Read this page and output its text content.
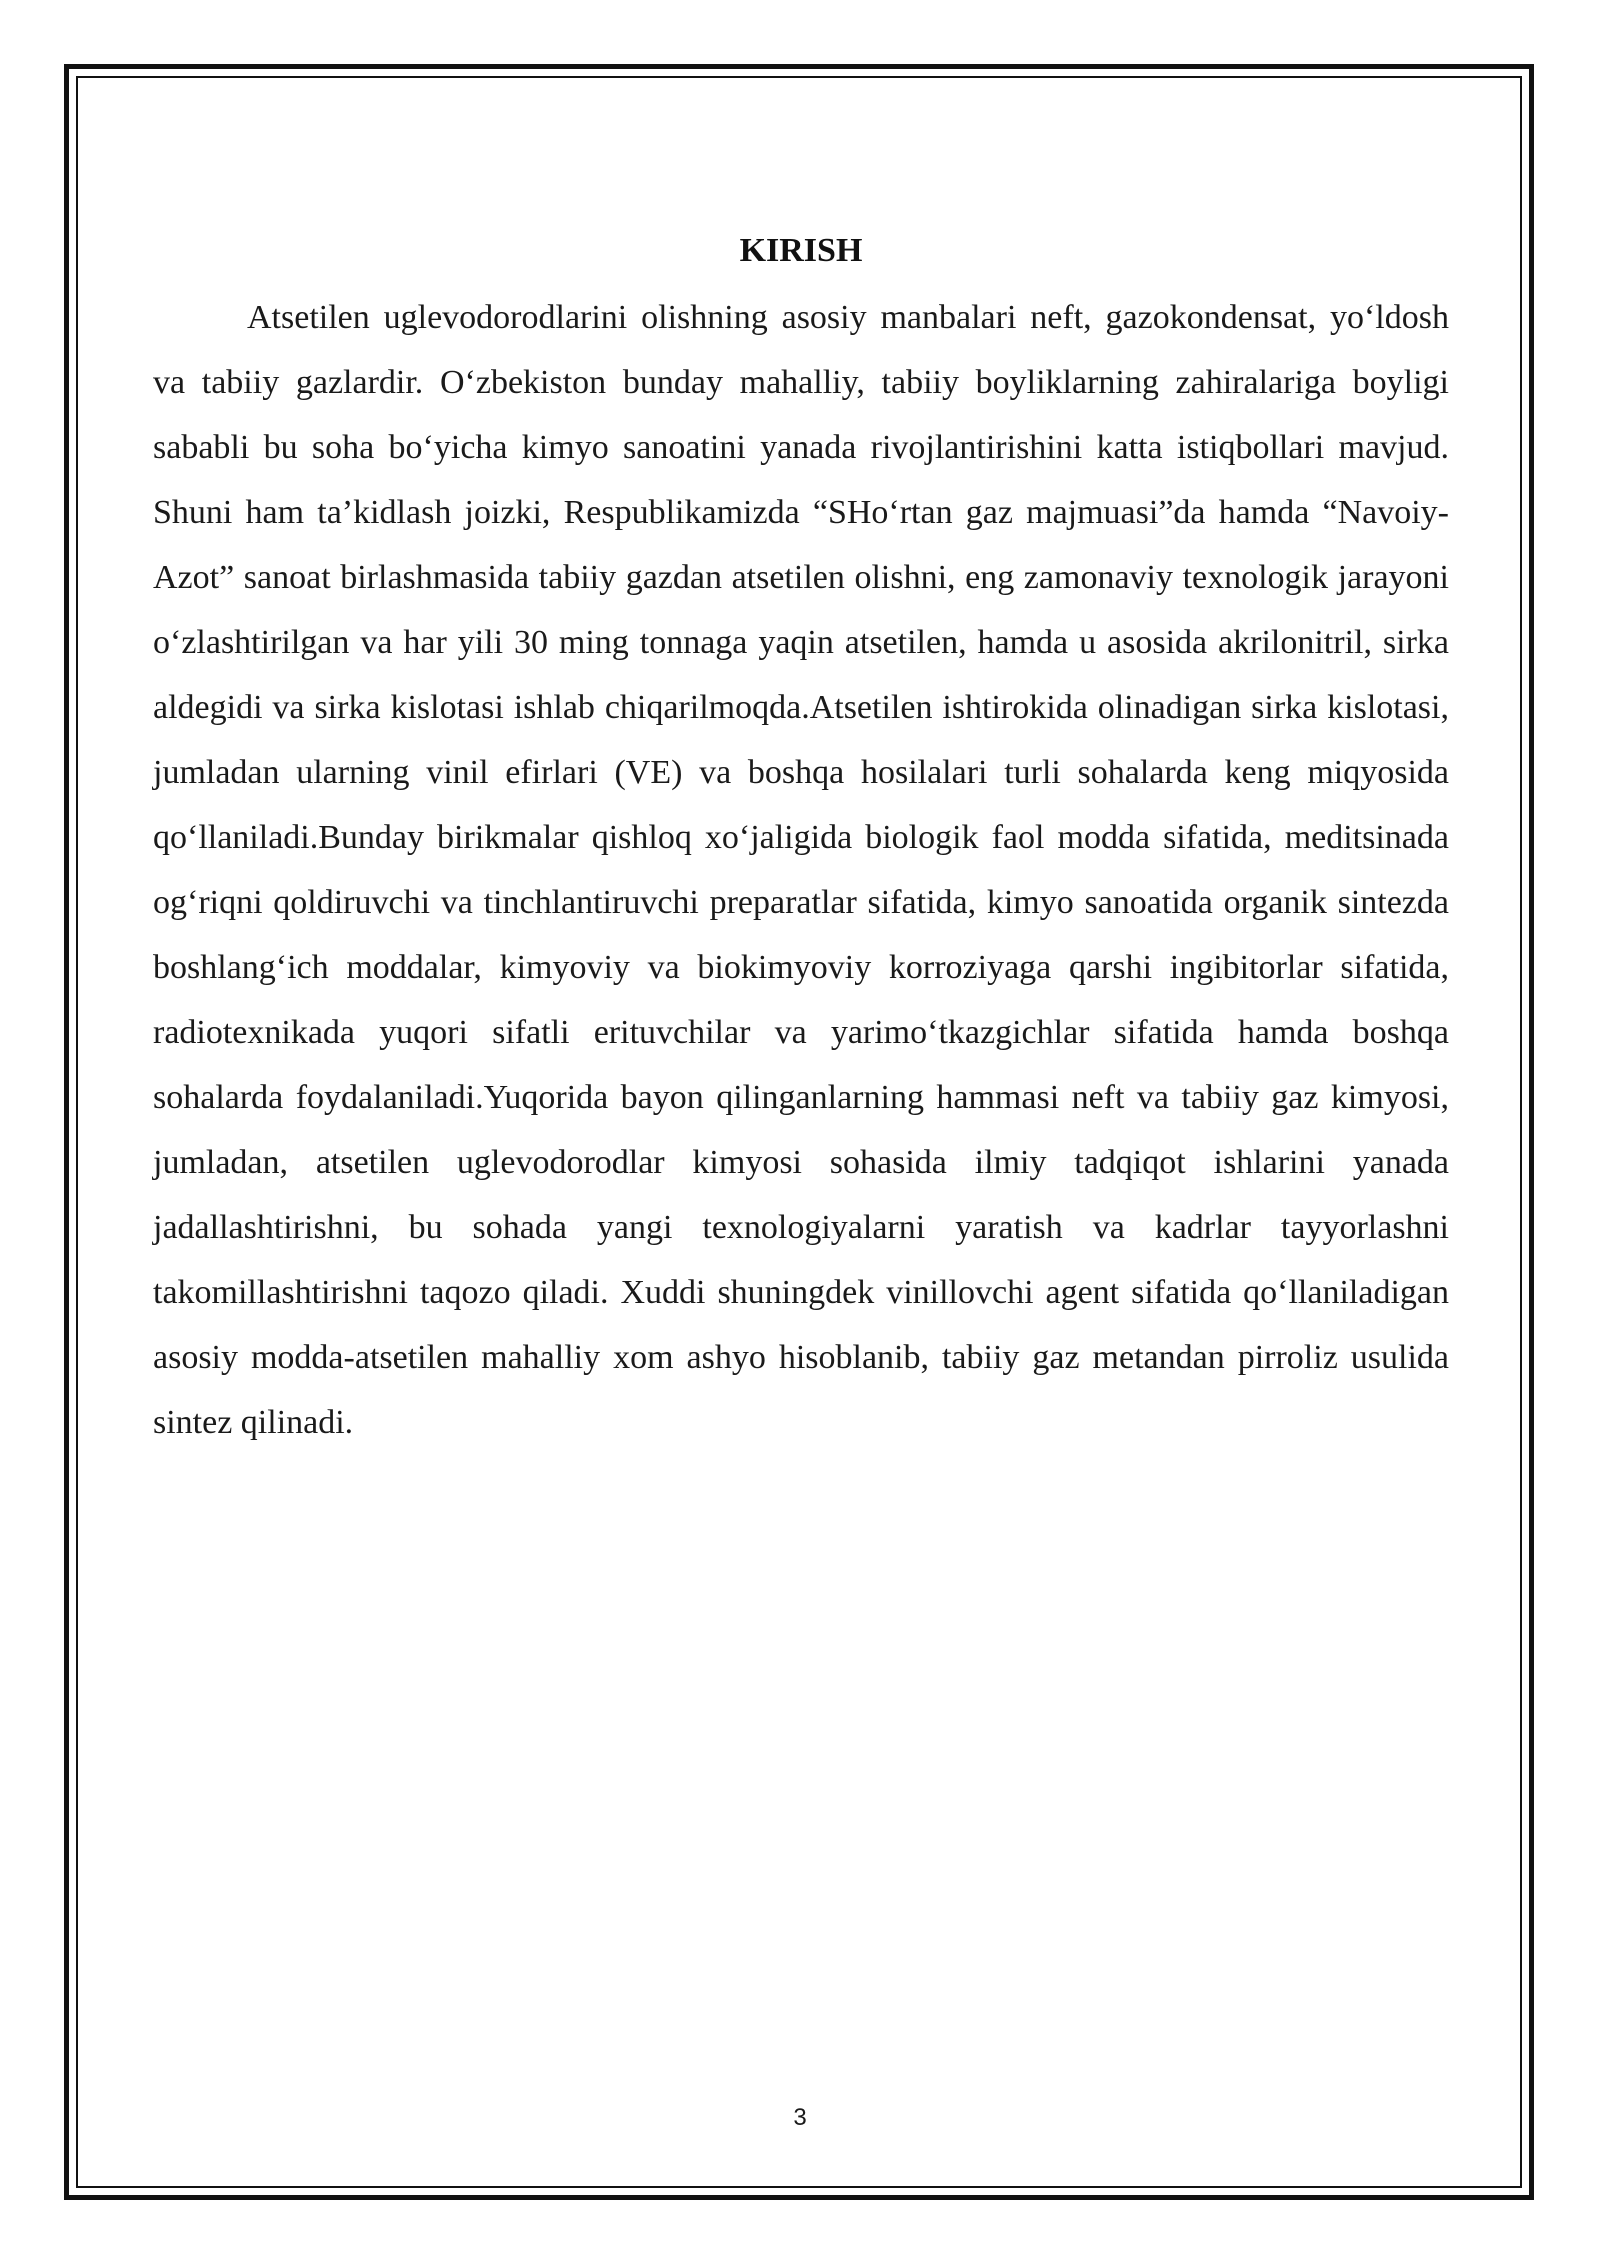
KIRISH

Atsetilen uglevodorodlarini olishning asosiy manbalari neft, gazokondensat, yo‘ldosh va tabiiy gazlardir. O‘zbekiston bunday mahalliy, tabiiy boyliklarning zahiralariga boyligi sababli bu soha bo‘yicha kimyo sanoatini yanada rivojlantirishini katta istiqbollari mavjud. Shuni ham ta’kidlash joizki, Respublikamizda “SHo‘rtan gaz majmuasi”da hamda “Navoiy-Azot” sanoat birlashmasida tabiiy gazdan atsetilen olishni, eng zamonaviy texnologik jarayoni o‘zlashtirilgan va har yili 30 ming tonnaga yaqin atsetilen, hamda u asosida akrilonitril, sirka aldegidi va sirka kislotasi ishlab chiqarilmoqda.Atsetilen ishtirokida olinadigan sirka kislotasi, jumladan ularning vinil efirlari (VE) va boshqa hosilalari turli sohalarda keng miqyosida qo‘llaniladi.Bunday birikmalar qishloq xo‘jaligida biologik faol modda sifatida, meditsinada og‘riqni qoldiruvchi va tinchlantiruvchi preparatlar sifatida, kimyo sanoatida organik sintezda boshlang‘ich moddalar, kimyoviy va biokimyoviy korroziyaga qarshi ingibitorlar sifatida, radiotexnikada yuqori sifatli erituvchilar va yarimo‘tkazgichlar sifatida hamda boshqa sohalarda foydalaniladi.Yuqorida bayon qilinganlarning hammasi neft va tabiiy gaz kimyosi, jumladan, atsetilen uglevodorodlar kimyosi sohasida ilmiy tadqiqot ishlarini yanada jadallashtirishni, bu sohada yangi texnologiyalarni yaratish va kadrlar tayyorlashni takomillashtirishni taqozo qiladi. Xuddi shuningdek vinillovchi agent sifatida qo‘llaniladigan asosiy modda-atsetilen mahalliy xom ashyo hisoblanib, tabiiy gaz metandan pirroliz usulida sintez qilinadi.

3
